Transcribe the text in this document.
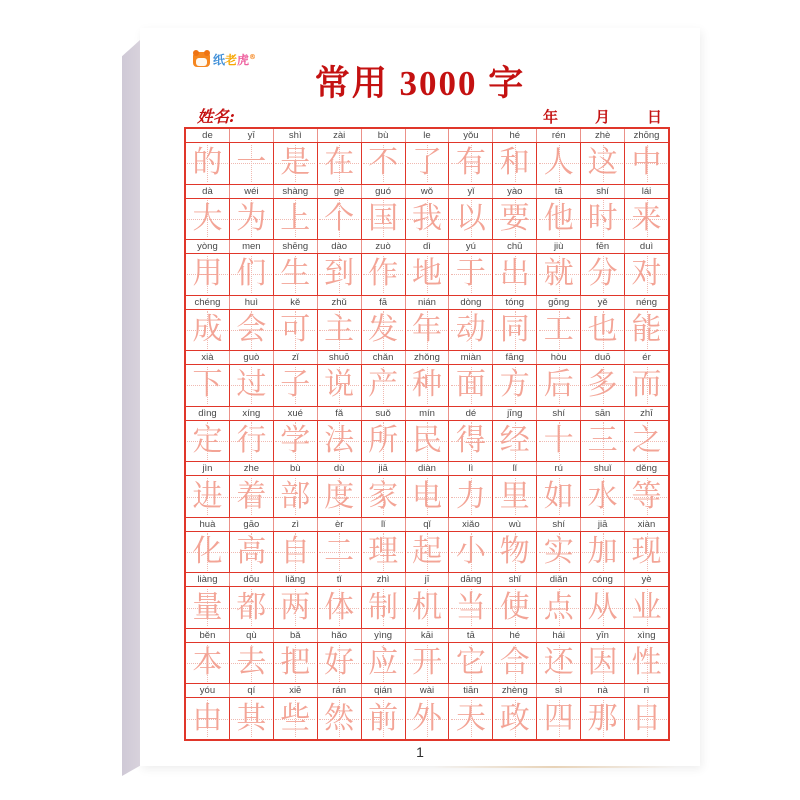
纸老虎®
常用 3000 字
姓名:	年 月 日
de	yī	shì	zài	bù	le	yǒu	hé	rén	zhè	zhōng
的 一 是 在 不 了 有 和 人 这 中
dà	wéi	shàng	gè	guó	wǒ	yǐ	yào	tā	shí	lái
大 为 上 个 国 我 以 要 他 时 来
yòng	men	shēng	dào	zuò	dì	yú	chū	jiù	fēn	duì
用 们 生 到 作 地 于 出 就 分 对
chéng	huì	kě	zhǔ	fā	nián	dòng	tóng	gōng	yě	néng
成 会 可 主 发 年 动 同 工 也 能
xià	guò	zǐ	shuō	chǎn	zhǒng	miàn	fāng	hòu	duō	ér
下 过 子 说 产 种 面 方 后 多 而
dìng	xíng	xué	fǎ	suǒ	mín	dé	jīng	shí	sān	zhī
定 行 学 法 所 民 得 经 十 三 之
jìn	zhe	bù	dù	jiā	diàn	lì	lǐ	rú	shuǐ	děng
进 着 部 度 家 电 力 里 如 水 等
huà	gāo	zì	èr	lǐ	qǐ	xiǎo	wù	shí	jiā	xiàn
化 高 自 二 理 起 小 物 实 加 现
liàng	dōu	liǎng	tǐ	zhì	jī	dāng	shǐ	diǎn	cóng	yè
量 都 两 体 制 机 当 使 点 从 业
běn	qù	bǎ	hǎo	yìng	kāi	tā	hé	hái	yīn	xìng
本 去 把 好 应 开 它 合 还 因 性
yóu	qí	xiē	rán	qián	wài	tiān	zhèng	sì	nà	rì
由 其 些 然 前 外 天 政 四 那 日
1
